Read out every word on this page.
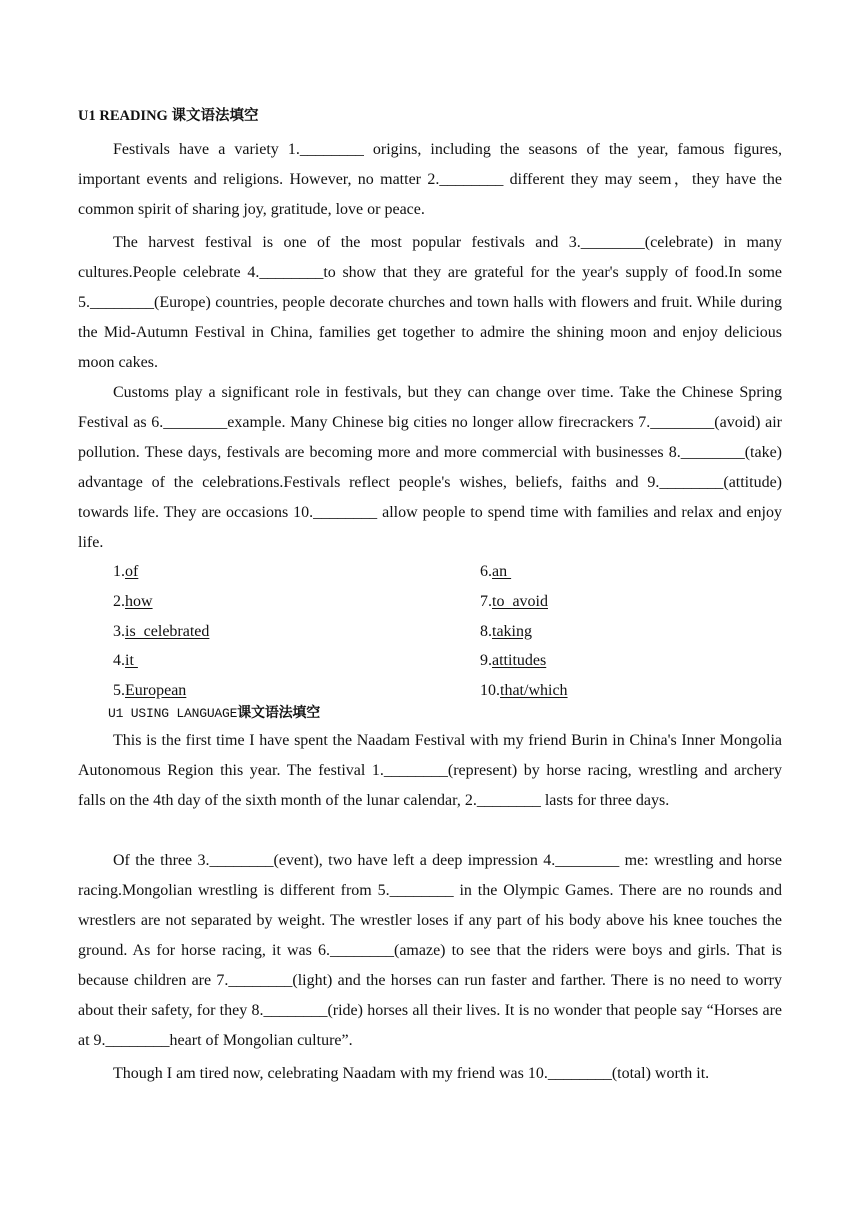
U1 READING 课文语法填空

Festivals have a variety 1.________ origins, including the seasons of the year, famous figures, important events and religions. However, no matter 2.________ different they may seem，they have the common spirit of sharing joy, gratitude, love or peace.

The harvest festival is one of the most popular festivals and 3.________(celebrate) in many cultures.People celebrate 4.________to show that they are grateful for the year's supply of food.In some 5.________(Europe) countries, people decorate churches and town halls with flowers and fruit. While during the Mid-Autumn Festival in China, families get together to admire the shining moon and enjoy delicious moon cakes.

Customs play a significant role in festivals, but they can change over time. Take the Chinese Spring Festival as 6.________example. Many Chinese big cities no longer allow firecrackers 7.________(avoid) air pollution. These days, festivals are becoming more and more commercial with businesses 8.________(take) advantage of the celebrations.Festivals reflect people's wishes, beliefs, faiths and 9.________(attitude) towards life. They are occasions 10.________ allow people to spend time with families and relax and enjoy life.

1.of
2.how
3.is  celebrated
4.it
5.European
6.an
7.to  avoid
8.taking
9.attitudes
10.that/which
U1 USING LANGUAGE课文语法填空

This is the first time I have spent the Naadam Festival with my friend Burin in China's Inner Mongolia Autonomous Region this year. The festival 1.________(represent) by horse racing, wrestling and archery falls on the 4th day of the sixth month of the lunar calendar, 2.________ lasts for three days.

Of the three 3.________(event), two have left a deep impression 4.________ me: wrestling and horse racing.Mongolian wrestling is different from 5.________ in the Olympic Games. There are no rounds and wrestlers are not separated by weight. The wrestler loses if any part of his body above his knee touches the ground. As for horse racing, it was 6.________(amaze) to see that the riders were boys and girls. That is because children are 7.________(light) and the horses can run faster and farther. There is no need to worry about their safety, for they 8.________(ride) horses all their lives. It is no wonder that people say “Horses are at 9.________heart of Mongolian culture”.

Though I am tired now, celebrating Naadam with my friend was 10.________(total) worth it.
